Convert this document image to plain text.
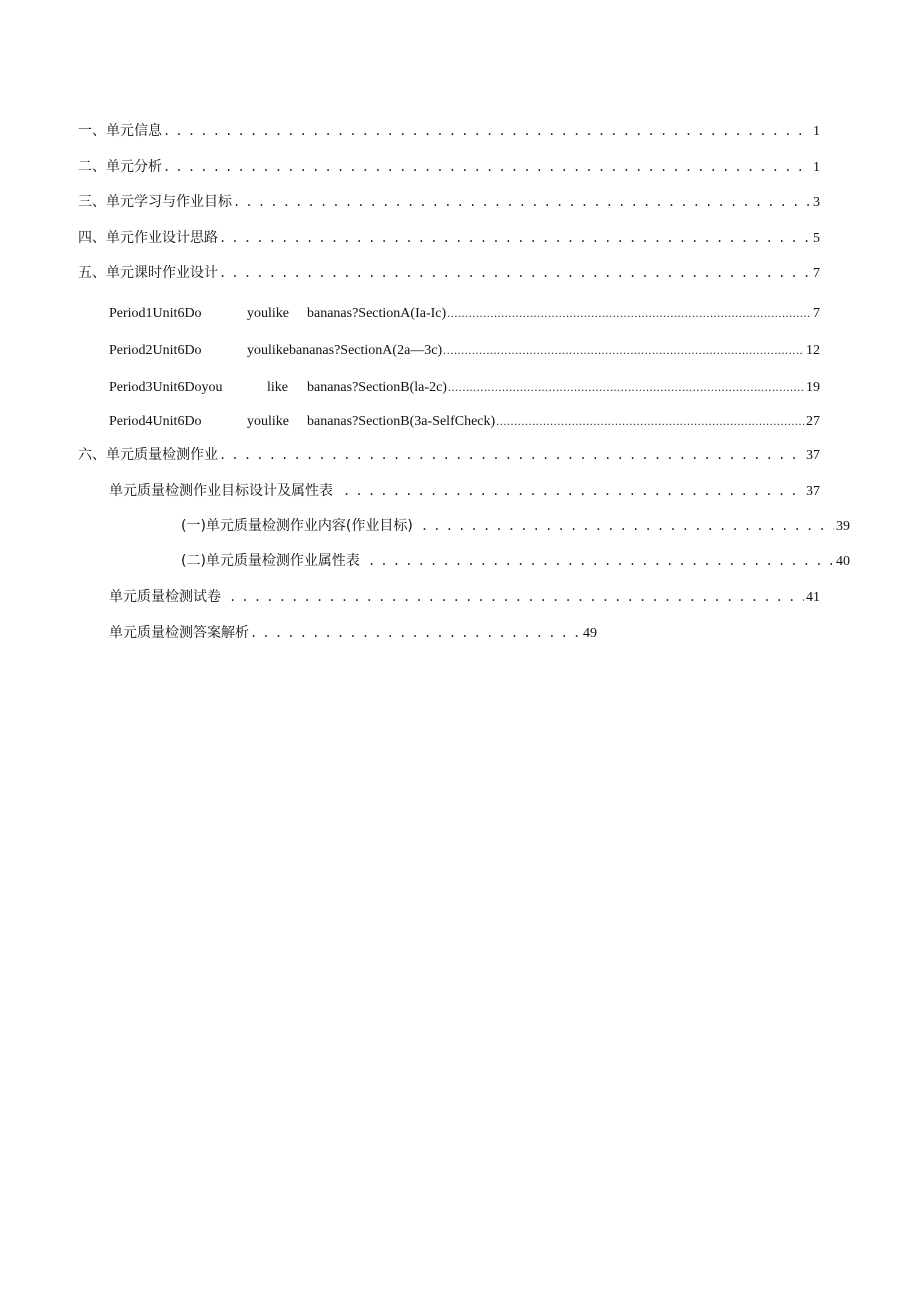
一、单元信息 .....	1
二、单元分析 .....	1
三、单元学习与作业目标 .....	3
四、单元作业设计思路 .....	5
五、单元课时作业设计 .....	7
Period1Unit6Do	youlike bananas?SectionA(Ia-Ic) .....	7
Period2Unit6Do	youlikebananas?SectionA(2a—3c) .....	12
Period3Unit6Doyou	like bananas?SectionB(la-2c) .....	19
Period4Unit6Do	youlike bananas?SectionB(3a-SelfCheck) .....	27
六、单元质量检测作业 .....	37
单元质量检测作业目标设计及属性表 .....	37
(一)单元质量检测作业内容(作业目标) .....	39
(二)单元质量检测作业属性表 .....	40
单元质量检测试卷 .....	41
单元质量检测答案解析 .....	49
